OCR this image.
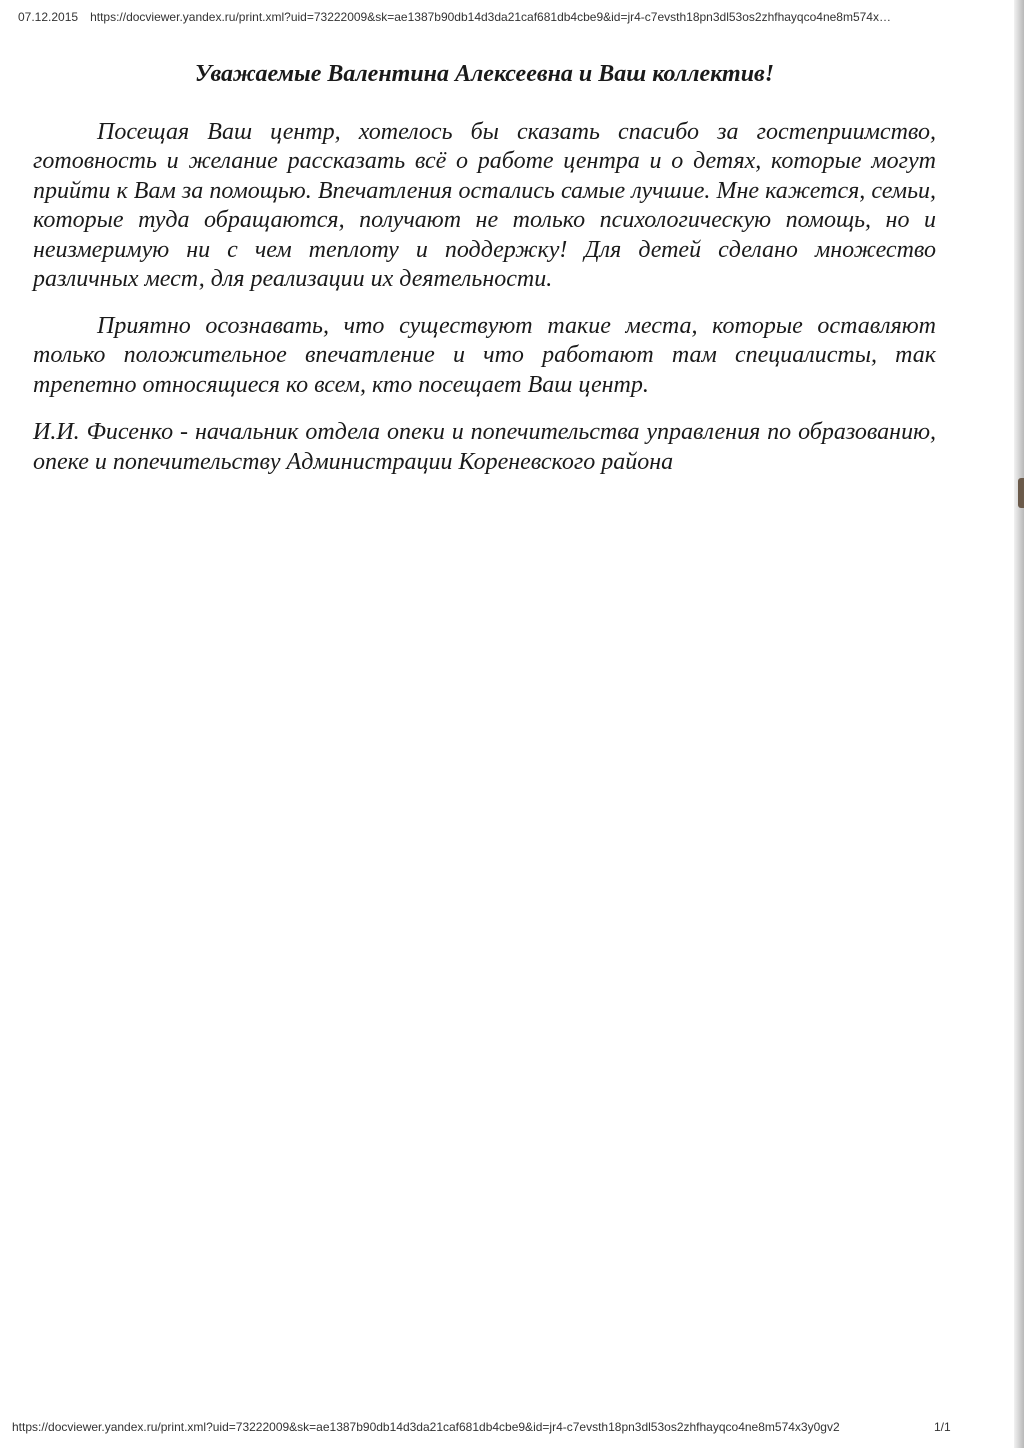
07.12.2015 https://docviewer.yandex.ru/print.xml?uid=73222009&sk=ae1387b90db14d3da21caf681db4cbe9&id=jr4-c7evsth18pn3dl53os2zhfhayqco4ne8m574x…

Уважаемые Валентина Алексеевна и Ваш коллектив!

Посещая Ваш центр, хотелось бы сказать спасибо за гостеприимство, готовность и желание рассказать всё о работе центра и о детях, которые могут прийти к Вам за помощью. Впечатления остались самые лучшие. Мне кажется, семьи, которые туда обращаются, получают не только психологическую помощь, но и неизмеримую ни с чем теплоту и поддержку! Для детей сделано множество различных мест, для реализации их деятельности.

Приятно осознавать, что существуют такие места, которые оставляют только положительное впечатление и что работают там специалисты, так трепетно относящиеся ко всем, кто посещает Ваш центр.

И.И. Фисенко - начальник отдела опеки и попечительства управления по образованию, опеке и попечительству Администрации Кореневского района

https://docviewer.yandex.ru/print.xml?uid=73222009&sk=ae1387b90db14d3da21caf681db4cbe9&id=jr4-c7evsth18pn3dl53os2zhfhayqco4ne8m574x3y0gv2	1/1
